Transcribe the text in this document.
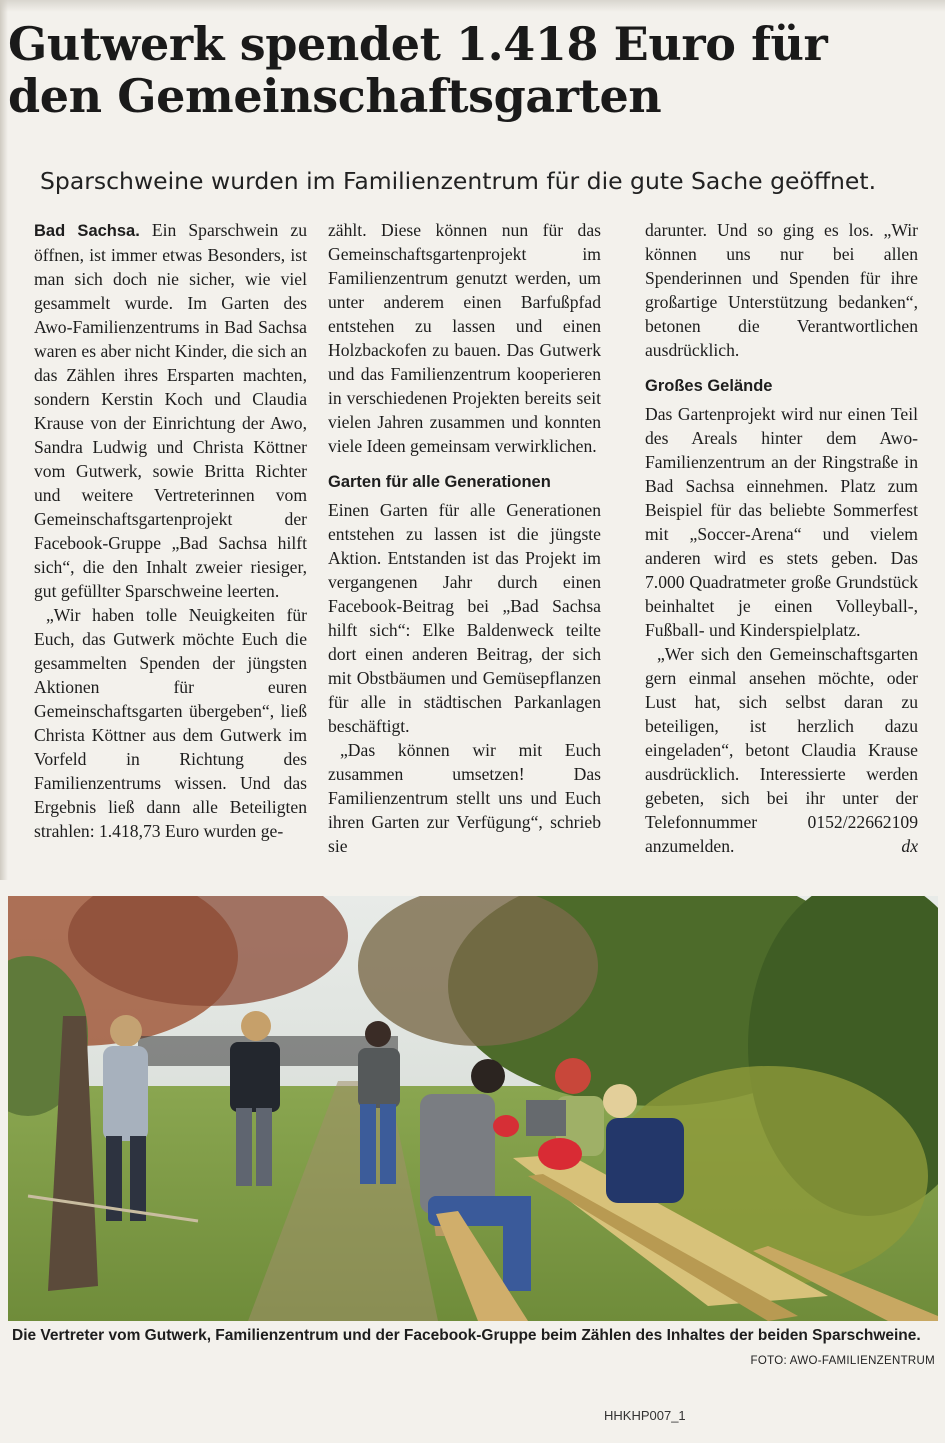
Gutwerk spendet 1.418 Euro für den Gemeinschaftsgarten
Sparschweine wurden im Familienzentrum für die gute Sache geöffnet.

Bad Sachsa. Ein Sparschwein zu öffnen, ist immer etwas Besonders, ist man sich doch nie sicher, wie viel gesammelt wurde. Im Garten des Awo-Familienzentrums in Bad Sachsa waren es aber nicht Kinder, die sich an das Zählen ihres Ersparten machten, sondern Kerstin Koch und Claudia Krause von der Einrichtung der Awo, Sandra Ludwig und Christa Köttner vom Gutwerk, sowie Britta Richter und weitere Vertreterinnen vom Gemeinschaftsgartenprojekt der Facebook-Gruppe „Bad Sachsa hilft sich“, die den Inhalt zweier riesiger, gut gefüllter Sparschweine leerten.

„Wir haben tolle Neuigkeiten für Euch, das Gutwerk möchte Euch die gesammelten Spenden der jüngsten Aktionen für euren Gemeinschaftsgarten übergeben“, ließ Christa Köttner aus dem Gutwerk im Vorfeld in Richtung des Familienzentrums wissen. Und das Ergebnis ließ dann alle Beteiligten strahlen: 1.418,73 Euro wurden ge-

zählt. Diese können nun für das Gemeinschaftsgartenprojekt im Familienzentrum genutzt werden, um unter anderem einen Barfußpfad entstehen zu lassen und einen Holzbackofen zu bauen. Das Gutwerk und das Familienzentrum kooperieren in verschiedenen Projekten bereits seit vielen Jahren zusammen und konnten viele Ideen gemeinsam verwirklichen.

Garten für alle Generationen

Einen Garten für alle Generationen entstehen zu lassen ist die jüngste Aktion. Entstanden ist das Projekt im vergangenen Jahr durch einen Facebook-Beitrag bei „Bad Sachsa hilft sich“: Elke Baldenweck teilte dort einen anderen Beitrag, der sich mit Obstbäumen und Gemüsepflanzen für alle in städtischen Parkanlagen beschäftigt.

„Das können wir mit Euch zusammen umsetzen! Das Familienzentrum stellt uns und Euch ihren Garten zur Verfügung“, schrieb sie

darunter. Und so ging es los. „Wir können uns nur bei allen Spenderinnen und Spenden für ihre großartige Unterstützung bedanken“, betonen die Verantwortlichen ausdrücklich.

Großes Gelände

Das Gartenprojekt wird nur einen Teil des Areals hinter dem Awo-Familienzentrum an der Ringstraße in Bad Sachsa einnehmen. Platz zum Beispiel für das beliebte Sommerfest mit „Soccer-Arena“ und vielem anderen wird es stets geben. Das 7.000 Quadratmeter große Grundstück beinhaltet je einen Volleyball-, Fußball- und Kinderspielplatz.

„Wer sich den Gemeinschaftsgarten gern einmal ansehen möchte, oder Lust hat, sich selbst daran zu beteiligen, ist herzlich dazu eingeladen“, betont Claudia Krause ausdrücklich. Interessierte werden gebeten, sich bei ihr unter der Telefonnummer 0152/22662109 anzumelden.	dx

Die Vertreter vom Gutwerk, Familienzentrum und der Facebook-Gruppe beim Zählen des Inhaltes der beiden Sparschweine.

FOTO: AWO-FAMILIENZENTRUM
HHKHP007_1
